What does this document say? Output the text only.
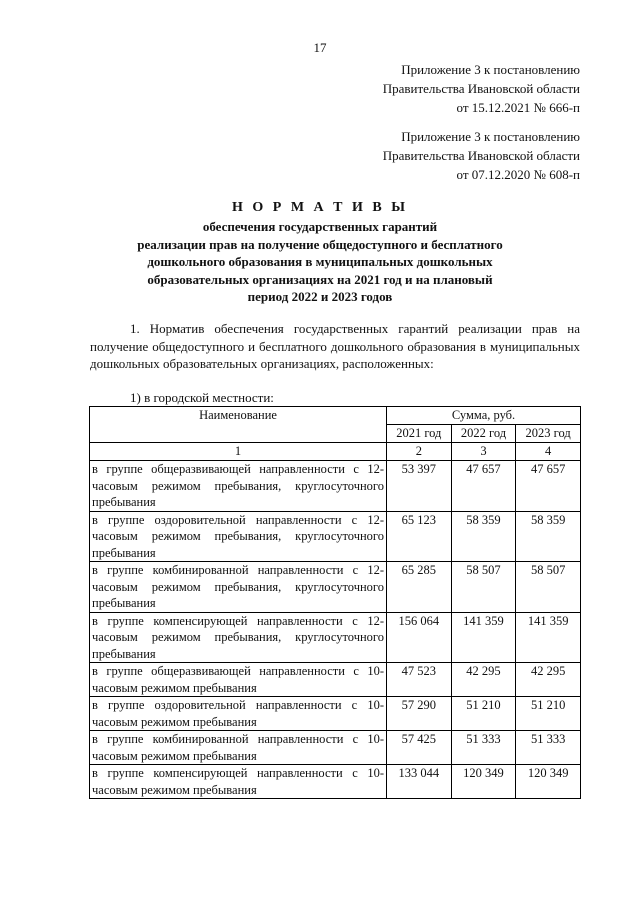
17
Приложение 3 к постановлению
Правительства Ивановской области
от 15.12.2021 № 666-п
Приложение 3 к постановлению
Правительства Ивановской области
от 07.12.2020 № 608-п
Н О Р М А Т И В Ы
обеспечения государственных гарантий
реализации прав на получение общедоступного и бесплатного
дошкольного образования в муниципальных дошкольных
образовательных организациях на 2021 год и на плановый
период 2022 и 2023 годов
1. Норматив обеспечения государственных гарантий реализации прав на получение общедоступного и бесплатного дошкольного образования в муниципальных дошкольных образовательных организациях, расположенных:
1) в городской местности:
Наименование	Сумма, руб.		
	2021 год	2022 год	2023 год
1	2	3	4
в группе общеразвивающей направленности с 12-часовым режимом пребывания, круглосуточного пребывания	53 397	47 657	47 657
в группе оздоровительной направленности с 12-часовым режимом пребывания, круглосуточного пребывания	65 123	58 359	58 359
в группе комбинированной направленности с 12-часовым режимом пребывания, круглосуточного пребывания	65 285	58 507	58 507
в группе компенсирующей направленности с 12-часовым режимом пребывания, круглосуточного пребывания	156 064	141 359	141 359
в группе общеразвивающей направленности с 10-часовым режимом пребывания	47 523	42 295	42 295
в группе оздоровительной направленности с 10-часовым режимом пребывания	57 290	51 210	51 210
в группе комбинированной направленности с 10-часовым режимом пребывания	57 425	51 333	51 333
в группе компенсирующей направленности с 10-часовым режимом пребывания	133 044	120 349	120 349
